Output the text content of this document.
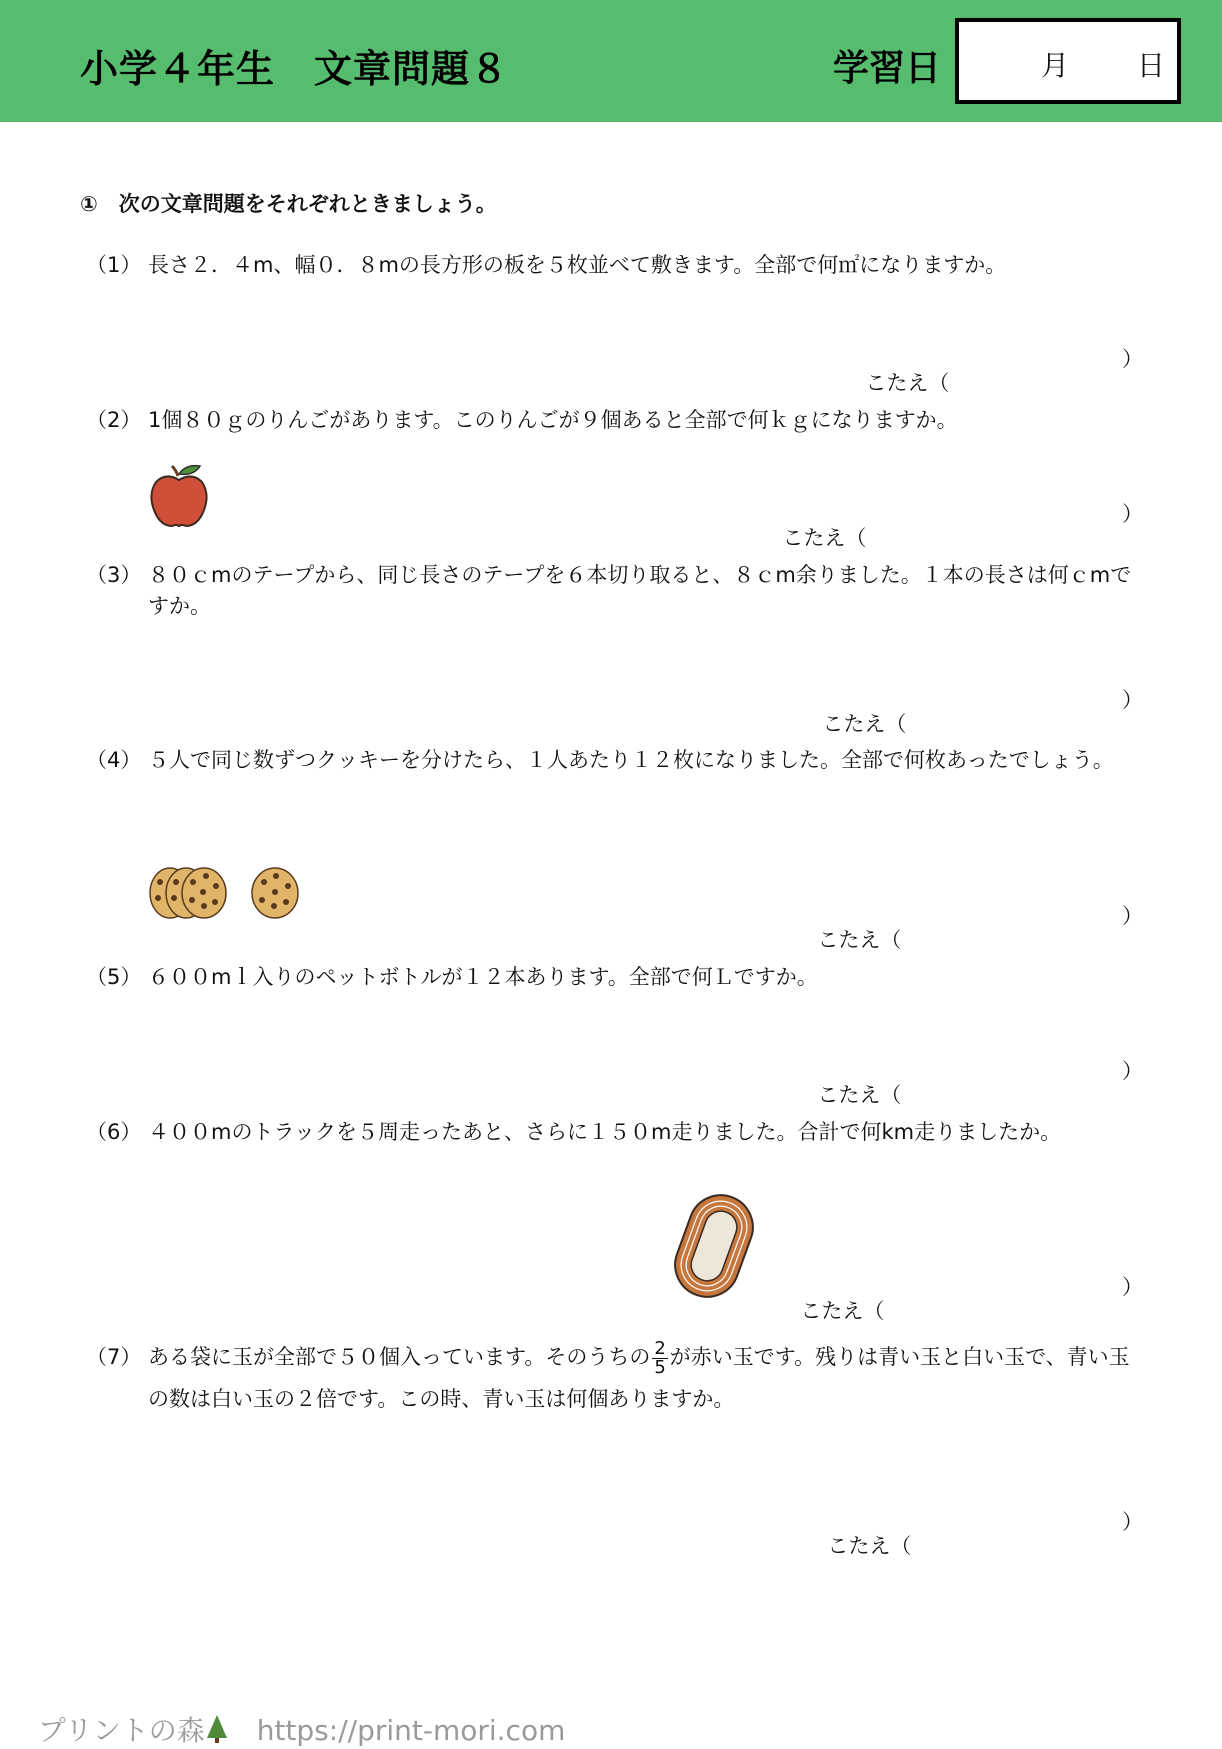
小学４年生　文章問題８	学習日	月 日
①　次の文章問題をそれぞれときましょう。
（1） 長さ２．４m、幅０．８mの長方形の板を５枚並べて敷きます。全部で何㎡になりますか。

こたえ（

）
（2） 1個８０ｇのりんごがあります。このりんごが９個あると全部で何ｋｇになりますか。

こたえ（

）
（3） ８０ｃmのテープから、同じ長さのテープを６本切り取ると、８ｃm余りました。１本の長さは何ｃmですか。

こたえ（

）
（4） ５人で同じ数ずつクッキーを分けたら、１人あたり１２枚になりました。全部で何枚あったでしょう。

こたえ（

）
（5） ６００mｌ入りのペットボトルが１２本あります。全部で何Ｌですか。

こたえ（

）
（6） ４００mのトラックを５周走ったあと、さらに１５０m走りました。合計で何km走りましたか。

こたえ（

）
（7） ある袋に玉が全部で５０個入っています。そのうちの $\frac{2}{5}$ が赤い玉です。残りは青い玉と白い玉で、青い玉の数は白い玉の２倍です。この時、青い玉は何個ありますか。

こたえ（

）

プリントの森 https://print-mori.com
